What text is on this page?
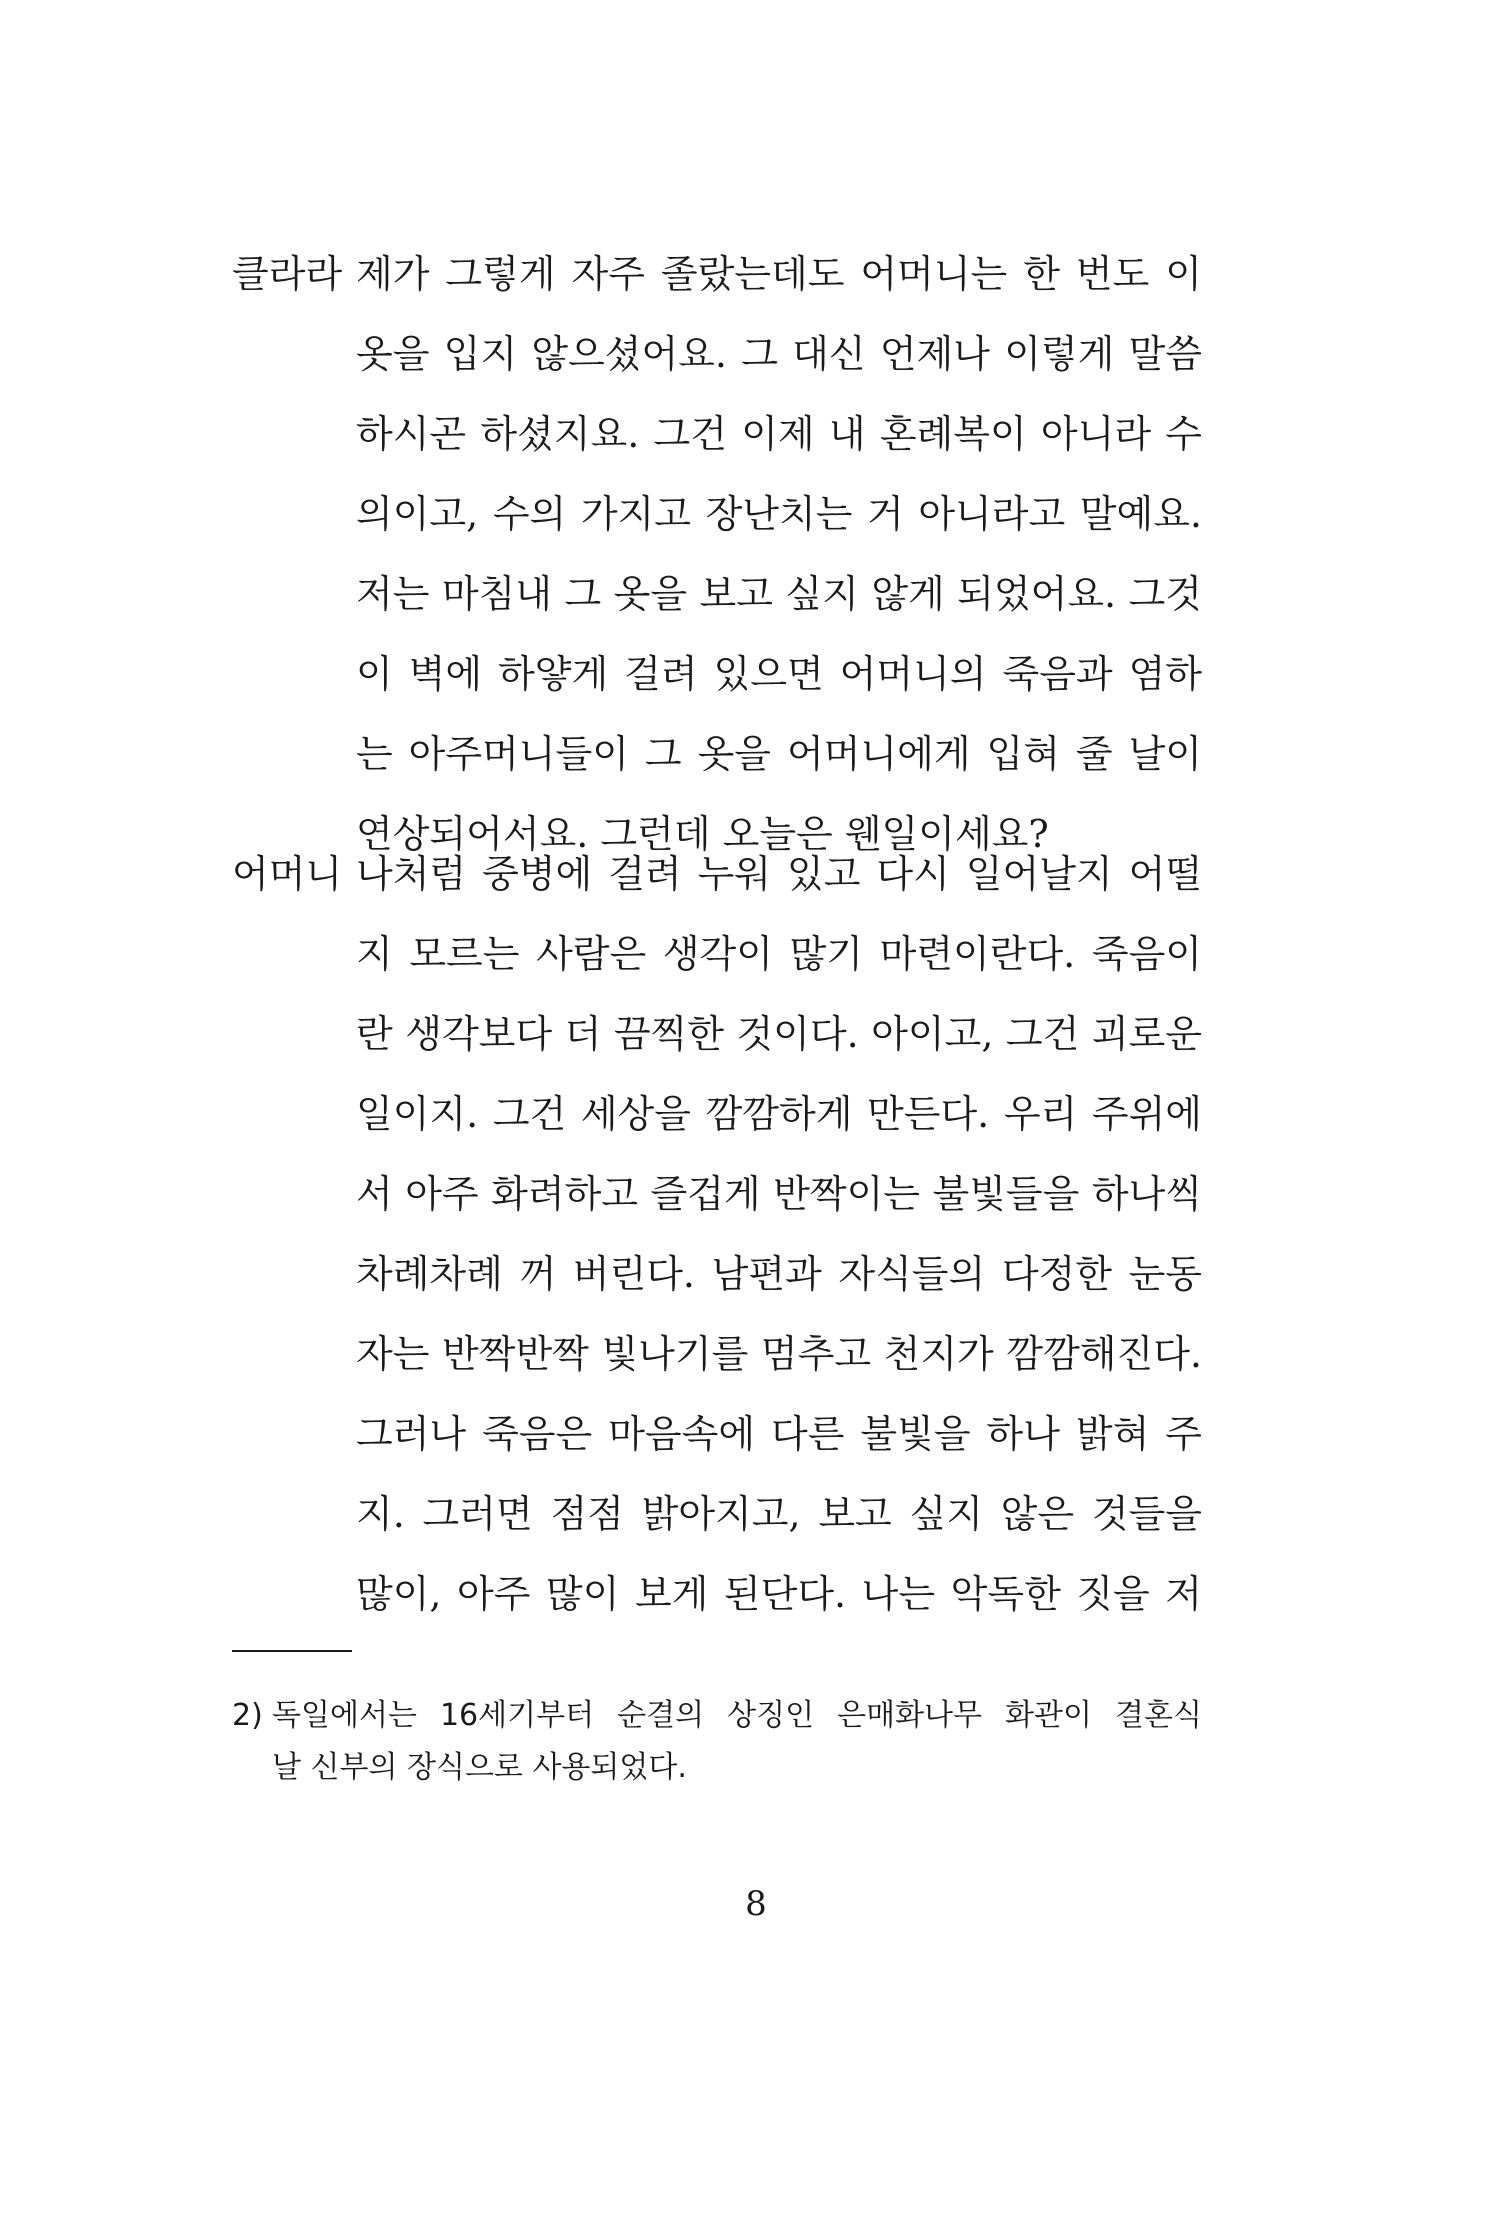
클라라 제가 그렇게 자주 졸랐는데도 어머니는 한 번도 이
옷을 입지 않으셨어요. 그 대신 언제나 이렇게 말씀
하시곤 하셨지요. 그건 이제 내 혼례복이 아니라 수
의이고, 수의 가지고 장난치는 거 아니라고 말예요.
저는 마침내 그 옷을 보고 싶지 않게 되었어요. 그것
이 벽에 하얗게 걸려 있으면 어머니의 죽음과 염하
는 아주머니들이 그 옷을 어머니에게 입혀 줄 날이
연상되어서요. 그런데 오늘은 웬일이세요?
어머니 나처럼 중병에 걸려 누워 있고 다시 일어날지 어떨
지 모르는 사람은 생각이 많기 마련이란다. 죽음이
란 생각보다 더 끔찍한 것이다. 아이고, 그건 괴로운
일이지. 그건 세상을 깜깜하게 만든다. 우리 주위에
서 아주 화려하고 즐겁게 반짝이는 불빛들을 하나씩
차례차례 꺼 버린다. 남편과 자식들의 다정한 눈동
자는 반짝반짝 빛나기를 멈추고 천지가 깜깜해진다.
그러나 죽음은 마음속에 다른 불빛을 하나 밝혀 주
지. 그러면 점점 밝아지고, 보고 싶지 않은 것들을
많이, 아주 많이 보게 된단다. 나는 악독한 짓을 저
2) 독일에서는 16세기부터 순결의 상징인 은매화나무 화관이 결혼식
날 신부의 장식으로 사용되었다.
8
